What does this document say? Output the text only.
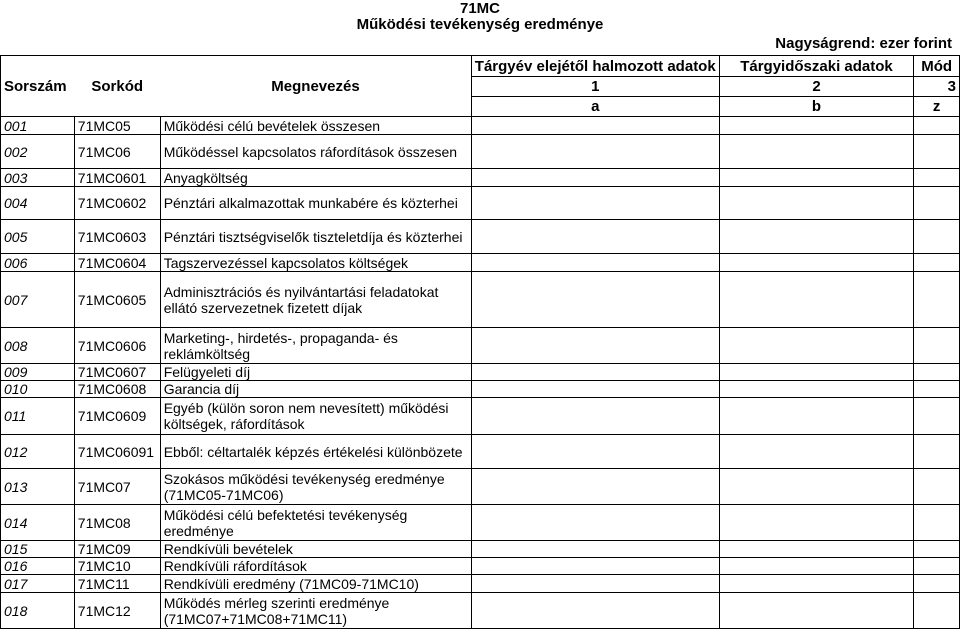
71MC
Működési tevékenység eredménye
Nagyságrend: ezer forint
Sorszám	Sorkód	Megnevezés	Tárgyév elejétől halmozott adatok	Tárgyidőszaki adatok	Mód
			1	2	3
			a	b	z
001	71MC05	Működési célú bevételek összesen			
002	71MC06	Működéssel kapcsolatos ráfordítások összesen			
003	71MC0601	Anyagköltség			
004	71MC0602	Pénztári alkalmazottak munkabére és közterhei			
005	71MC0603	Pénztári tisztségviselők tiszteletdíja és közterhei			
006	71MC0604	Tagszervezéssel kapcsolatos költségek			
007	71MC0605	Adminisztrációs és nyilvántartási feladatokat ellátó szervezetnek fizetett díjak			
008	71MC0606	Marketing-, hirdetés-, propaganda- és reklámköltség			
009	71MC0607	Felügyeleti díj			
010	71MC0608	Garancia díj			
011	71MC0609	Egyéb (külön soron nem nevesített) működési költségek, ráfordítások			
012	71MC06091	Ebből: céltartalék képzés értékelési különbözete			
013	71MC07	Szokásos működési tevékenység eredménye (71MC05-71MC06)			
014	71MC08	Működési célú befektetési tevékenység eredménye			
015	71MC09	Rendkívüli bevételek			
016	71MC10	Rendkívüli ráfordítások			
017	71MC11	Rendkívüli eredmény (71MC09-71MC10)			
018	71MC12	Működés mérleg szerinti eredménye (71MC07+71MC08+71MC11)			
